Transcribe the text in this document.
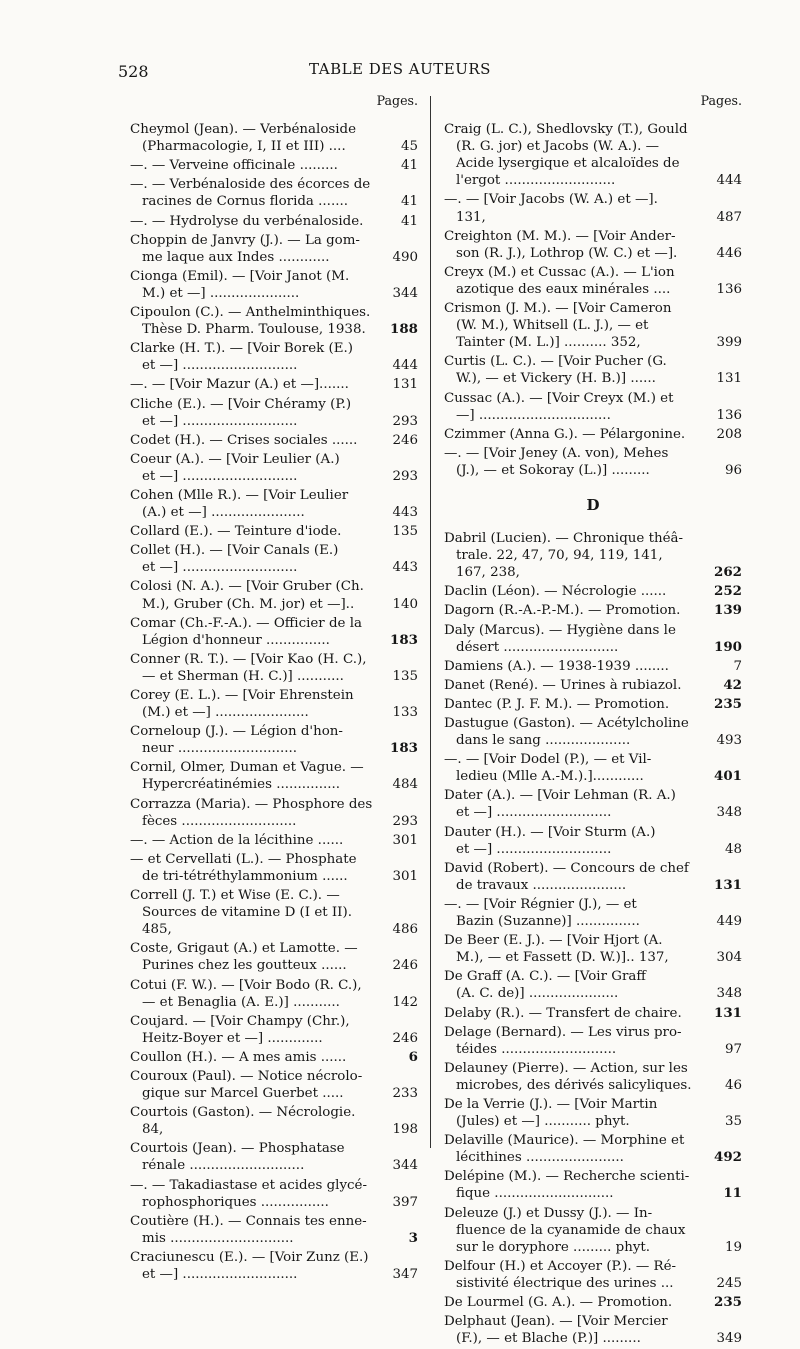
528	TABLE DES AUTEURS
Pages.
Cheymol (Jean). — Verbénaloside
(Pharmacologie, I, II et III) ....	45
—. — Verveine officinale .........	41
—. — Verbénaloside des écorces de
racines de Cornus florida .......	41
—. — Hydrolyse du verbénaloside.	41
Choppin de Janvry (J.). — La gom-
me laque aux Indes ............	490
Cionga (Emil). — [Voir Janot (M.
M.) et —] .....................	344
Cipoulon (C.). — Anthelminthiques.
Thèse D. Pharm. Toulouse, 1938.	188
Clarke (H. T.). — [Voir Borek (E.)
et —] ...........................	444
—. — [Voir Mazur (A.) et —].......	131
Cliche (E.). — [Voir Chéramy (P.)
et —] ...........................	293
Codet (H.). — Crises sociales ......	246
Coeur (A.). — [Voir Leulier (A.)
et —] ...........................	293
Cohen (Mlle R.). — [Voir Leulier
(A.) et —] ......................	443
Collard (E.). — Teinture d'iode.	135
Collet (H.). — [Voir Canals (E.)
et —] ...........................	443
Colosi (N. A.). — [Voir Gruber (Ch.
M.), Gruber (Ch. M. jor) et —]..	140
Comar (Ch.-F.-A.). — Officier de la
Légion d'honneur ...............	183
Conner (R. T.). — [Voir Kao (H. C.),
— et Sherman (H. C.)] ...........	135
Corey (E. L.). — [Voir Ehrenstein
(M.) et —] ......................	133
Corneloup (J.). — Légion d'hon-
neur ............................	183
Cornil, Olmer, Duman et Vague. —
Hypercréatinémies ...............	484
Corrazza (Maria). — Phosphore des
fèces ...........................	293
—. — Action de la lécithine ......	301
— et Cervellati (L.). — Phosphate
de tri-tétréthylammonium ......	301
Correll (J. T.) et Wise (E. C.). —
Sources de vitamine D (I et II).
485,	486
Coste, Grigaut (A.) et Lamotte. —
Purines chez les goutteux ......	246
Cotui (F. W.). — [Voir Bodo (R. C.),
— et Benaglia (A. E.)] ...........	142
Coujard. — [Voir Champy (Chr.),
Heitz-Boyer et —] .............	246
Coullon (H.). — A mes amis ......	6
Couroux (Paul). — Notice nécrolo-
gique sur Marcel Guerbet .....	233
Courtois (Gaston). — Nécrologie.
84,	198
Courtois (Jean). — Phosphatase
rénale ...........................	344
—. — Takadiastase et acides glycé-
rophosphoriques ................	397
Coutière (H.). — Connais tes enne-
mis .............................	3
Craciunescu (E.). — [Voir Zunz (E.)
et —] ...........................	347
Pages.
Craig (L. C.), Shedlovsky (T.), Gould
(R. G. jor) et Jacobs (W. A.). —
Acide lysergique et alcaloïdes de
l'ergot ..........................	444
—. — [Voir Jacobs (W. A.) et —].
131,	487
Creighton (M. M.). — [Voir Ander-
son (R. J.), Lothrop (W. C.) et —].	446
Creyx (M.) et Cussac (A.). — L'ion
azotique des eaux minérales ....	136
Crismon (J. M.). — [Voir Cameron
(W. M.), Whitsell (L. J.), — et
Tainter (M. L.)] .......... 352,	399
Curtis (L. C.). — [Voir Pucher (G.
W.), — et Vickery (H. B.)] ......	131
Cussac (A.). — [Voir Creyx (M.) et
—] ...............................	136
Czimmer (Anna G.). — Pélargonine.	208
—. — [Voir Jeney (A. von), Mehes
(J.), — et Sokoray (L.)] .........	96
D
Dabril (Lucien). — Chronique théâ-
trale. 22, 47, 70, 94, 119, 141,
167, 238,	262
Daclin (Léon). — Nécrologie ......	252
Dagorn (R.-A.-P.-M.). — Promotion.	139
Daly (Marcus). — Hygiène dans le
désert ...........................	190
Damiens (A.). — 1938-1939 ........	7
Danet (René). — Urines à rubiazol.	42
Dantec (P. J. F. M.). — Promotion.	235
Dastugue (Gaston). — Acétylcholine
dans le sang ....................	493
—. — [Voir Dodel (P.), — et Vil-
ledieu (Mlle A.-M.).]............	401
Dater (A.). — [Voir Lehman (R. A.)
et —] ...........................	348
Dauter (H.). — [Voir Sturm (A.)
et —] ...........................	48
David (Robert). — Concours de chef
de travaux ......................	131
—. — [Voir Régnier (J.), — et
Bazin (Suzanne)] ...............	449
De Beer (E. J.). — [Voir Hjort (A.
M.), — et Fassett (D. W.)].. 137,	304
De Graff (A. C.). — [Voir Graff
(A. C. de)] .....................	348
Delaby (R.). — Transfert de chaire.	131
Delage (Bernard). — Les virus pro-
téides ...........................	97
Delauney (Pierre). — Action, sur les
microbes, des dérivés salicyliques.	46
De la Verrie (J.). — [Voir Martin
(Jules) et —] ........... phyt.	35
Delaville (Maurice). — Morphine et
lécithines .......................	492
Delépine (M.). — Recherche scienti-
fique ............................	11
Deleuze (J.) et Dussy (J.). — In-
fluence de la cyanamide de chaux
sur le doryphore ......... phyt.	19
Delfour (H.) et Accoyer (P.). — Ré-
sistivité électrique des urines ...	245
De Lourmel (G. A.). — Promotion.	235
Delphaut (Jean). — [Voir Mercier
(F.), — et Blache (P.)] .........	349
